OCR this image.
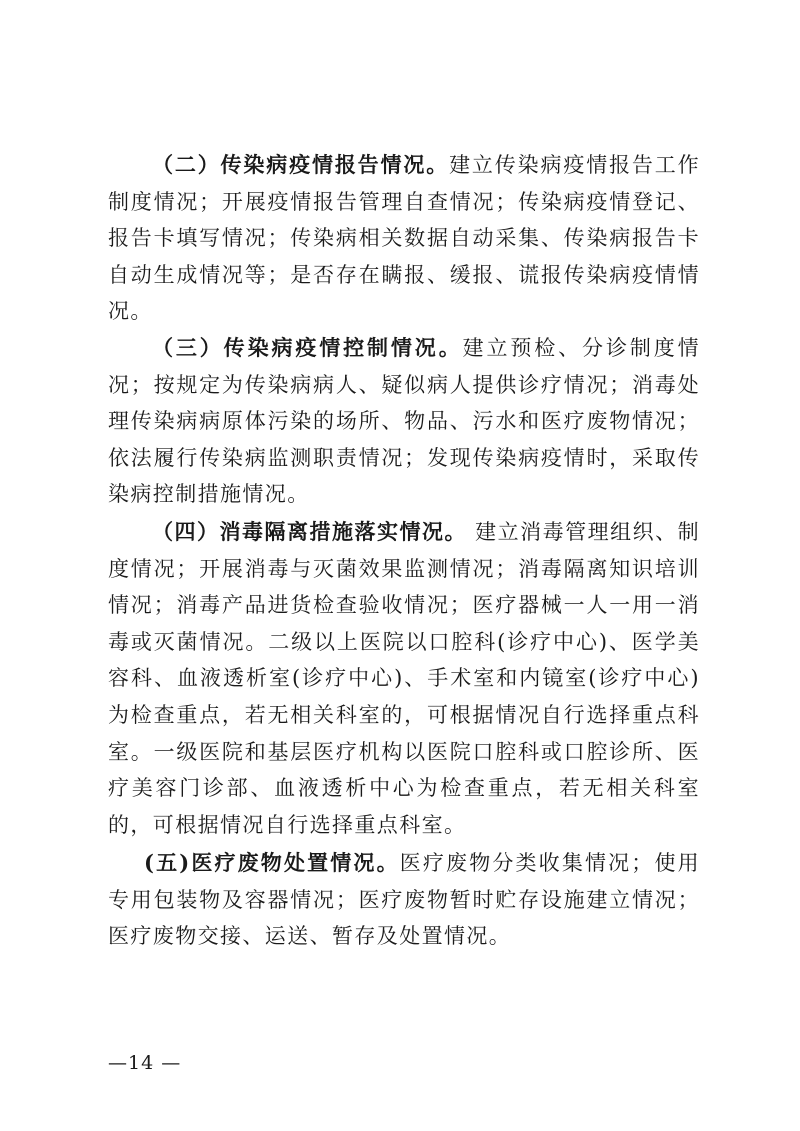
（二）传染病疫情报告情况。建立传染病疫情报告工作制度情况；开展疫情报告管理自查情况；传染病疫情登记、报告卡填写情况；传染病相关数据自动采集、传染病报告卡自动生成情况等；是否存在瞒报、缓报、谎报传染病疫情情况。

（三）传染病疫情控制情况。建立预检、分诊制度情况；按规定为传染病病人、疑似病人提供诊疗情况；消毒处理传染病病原体污染的场所、物品、污水和医疗废物情况；依法履行传染病监测职责情况；发现传染病疫情时，采取传染病控制措施情况。

（四）消毒隔离措施落实情况。 建立消毒管理组织、制度情况；开展消毒与灭菌效果监测情况；消毒隔离知识培训情况；消毒产品进货检查验收情况；医疗器械一人一用一消毒或灭菌情况。二级以上医院以口腔科(诊疗中心)、医学美容科、血液透析室(诊疗中心)、手术室和内镜室(诊疗中心)为检查重点，若无相关科室的，可根据情况自行选择重点科室。一级医院和基层医疗机构以医院口腔科或口腔诊所、医疗美容门诊部、血液透析中心为检查重点，若无相关科室的，可根据情况自行选择重点科室。

(五)医疗废物处置情况。医疗废物分类收集情况；使用专用包装物及容器情况；医疗废物暂时贮存设施建立情况；医疗废物交接、运送、暂存及处置情况。

—14 —
